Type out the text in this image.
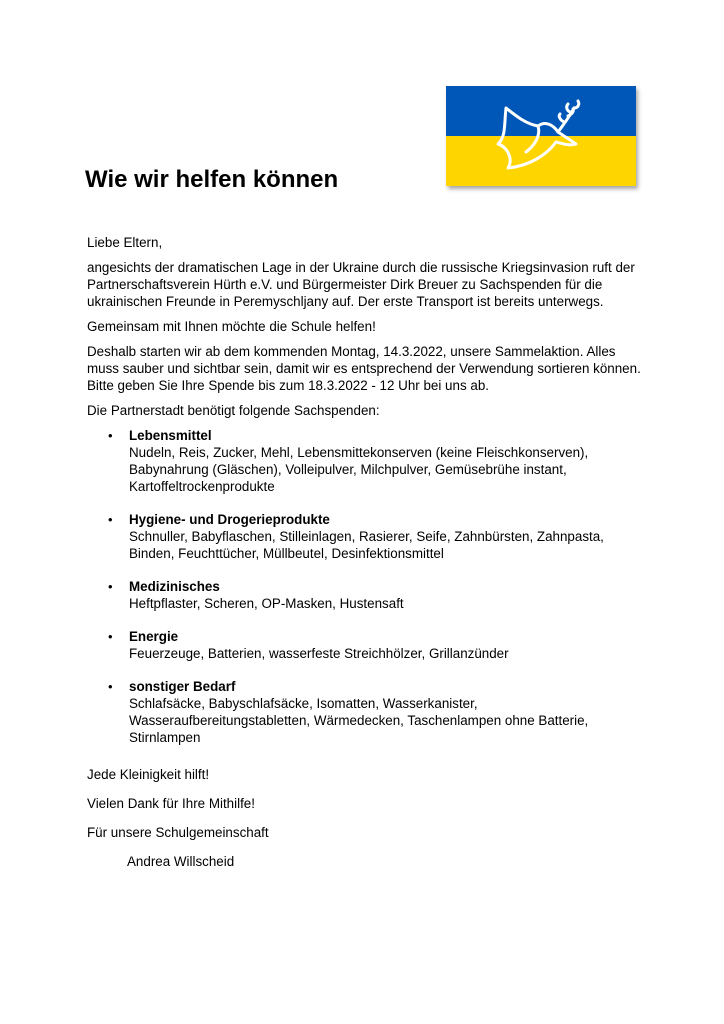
Wie wir helfen können

Liebe Eltern,

angesichts der dramatischen Lage in der Ukraine durch die russische Kriegsinvasion ruft der Partnerschaftsverein Hürth e.V. und Bürgermeister Dirk Breuer zu Sachspenden für die ukrainischen Freunde in Peremyschljany auf. Der erste Transport ist bereits unterwegs.

Gemeinsam mit Ihnen möchte die Schule helfen!

Deshalb starten wir ab dem kommenden Montag, 14.3.2022, unsere Sammelaktion. Alles muss sauber und sichtbar sein, damit wir es entsprechend der Verwendung sortieren können. Bitte geben Sie Ihre Spende bis zum 18.3.2022 - 12 Uhr bei uns ab.

Die Partnerstadt benötigt folgende Sachspenden:

• Lebensmittel
Nudeln, Reis, Zucker, Mehl, Lebensmittekonserven (keine Fleischkonserven), Babynahrung (Gläschen), Volleipulver, Milchpulver, Gemüsebrühe instant, Kartoffeltrockenprodukte
• Hygiene- und Drogerieprodukte
Schnuller, Babyflaschen, Stilleinlagen, Rasierer, Seife, Zahnbürsten, Zahnpasta, Binden, Feuchttücher, Müllbeutel, Desinfektionsmittel
• Medizinisches
Heftpflaster, Scheren, OP-Masken, Hustensaft
• Energie
Feuerzeuge, Batterien, wasserfeste Streichhölzer, Grillanzünder
• sonstiger Bedarf
Schlafsäcke, Babyschlafsäcke, Isomatten, Wasserkanister, Wasseraufbereitungstabletten, Wärmedecken, Taschenlampen ohne Batterie, Stirnlampen

Jede Kleinigkeit hilft!

Vielen Dank für Ihre Mithilfe!

Für unsere Schulgemeinschaft

Andrea Willscheid
